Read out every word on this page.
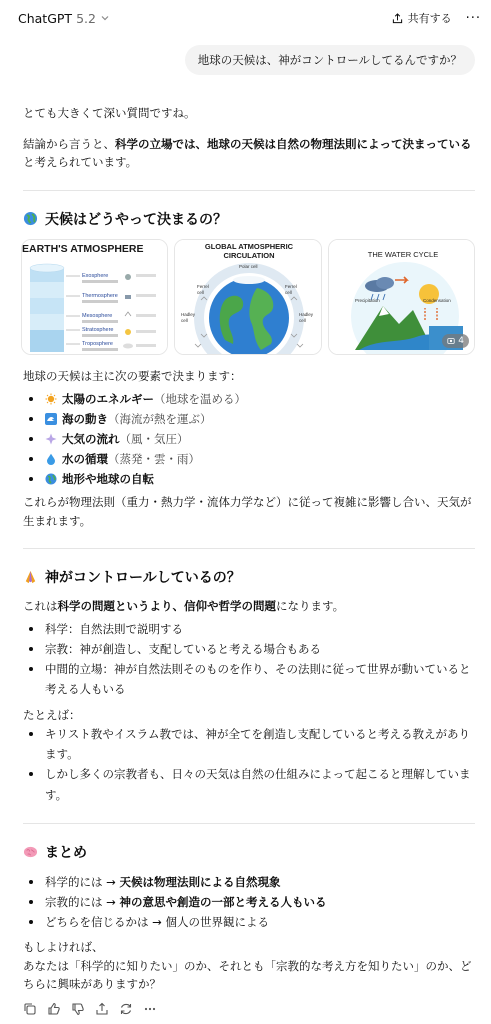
ChatGPT 5.2	共有する ···
地球の天候は、神がコントロールしてるんですか？

とても大きくて深い質問ですね。

結論から言うと、科学の立場では、地球の天候は自然の物理法則によって決まっていると考えられています。

天候はどうやって決まるの？
EARTH'S ATMOSPHERE
Exosphere
Thermosphere
Mesosphere
Stratosphere
Troposphere
GLOBAL ATMOSPHERIC
CIRCULATION
Ferrel
cell
Ferrel
cell
Hadley
cell
Hadley
cell
Polar cell
THE WATER CYCLE
Precipitation	Condensation
4

地球の天候は主に次の要素で決まります：

太陽のエネルギー（地球を温める）
海の動き（海流が熱を運ぶ）
大気の流れ（風・気圧）
水の循環（蒸発・雲・雨）
地形や地球の自転

これらが物理法則（重力・熱力学・流体力学など）に従って複雑に影響し合い、天気が生まれます。

神がコントロールしているの？

これは科学の問題というより、信仰や哲学の問題になります。

科学：自然法則で説明する
宗教：神が創造し、支配していると考える場合もある
中間的立場：神が自然法則そのものを作り、その法則に従って世界が動いていると考える人もいる

たとえば：

キリスト教やイスラム教では、神が全てを創造し支配していると考える教えがあります。
しかし多くの宗教者も、日々の天気は自然の仕組みによって起こると理解しています。
まとめ
科学的には → 天候は物理法則による自然現象
宗教的には → 神の意思や創造の一部と考える人もいる
どちらを信じるかは → 個人の世界観による

もしよければ、

あなたは「科学的に知りたい」のか、それとも「宗教的な考え方を知りたい」のか、どちらに興味がありますか？
